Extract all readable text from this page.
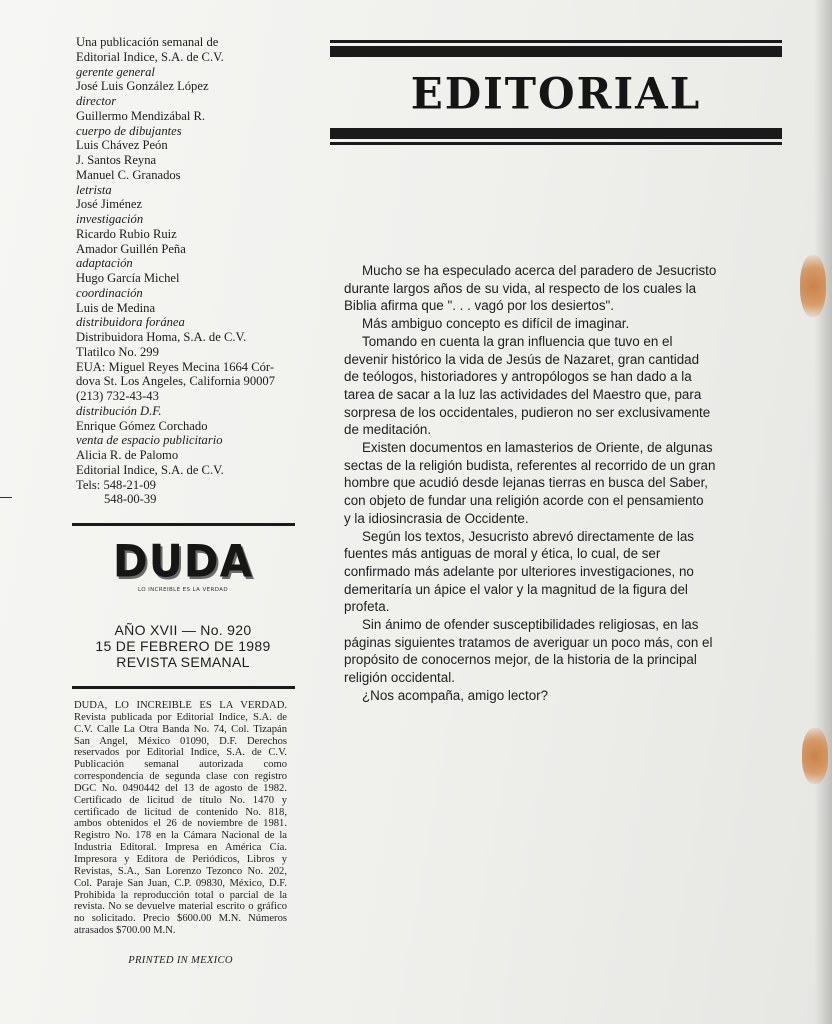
Una publicación semanal de
Editorial Indice, S.A. de C.V.
gerente general
José Luis González López
director
Guillermo Mendizábal R.
cuerpo de dibujantes
Luis Chávez Peón
J. Santos Reyna
Manuel C. Granados
letrista
José Jiménez
investigación
Ricardo Rubio Ruiz
Amador Guillén Peña
adaptación
Hugo García Michel
coordinación
Luis de Medina
distribuidora foránea
Distribuidora Homa, S.A. de C.V.
Tlatilco No. 299
EUA: Miguel Reyes Mecina 1664 Cór-
dova St. Los Angeles, California 90007
(213) 732-43-43
distribución D.F.
Enrique Gómez Corchado
venta de espacio publicitario
Alicia R. de Palomo
Editorial Indice, S.A. de C.V.
Tels: 548-21-09
548-00-39
DUDA
LO INCREIBLE ES LA VERDAD
AÑO XVII — No. 920
15 DE FEBRERO DE 1989
REVISTA SEMANAL
DUDA, LO INCREIBLE ES LA VERDAD. Revista publicada por Editorial Indice, S.A. de C.V. Calle La Otra Banda No. 74, Col. Tizapán San Angel, México 01090, D.F. Derechos reservados por Editorial Indice, S.A. de C.V. Publicación semanal autorizada como correspondencia de segunda clase con registro DGC No. 0490442 del 13 de agosto de 1982. Certificado de licitud de título No. 1470 y certificado de licitud de contenido No. 818, ambos obtenidos el 26 de noviembre de 1981. Registro No. 178 en la Cámara Nacional de la Industria Editoral. Impresa en América Cía. Impresora y Editora de Periódicos, Libros y Revistas, S.A., San Lorenzo Tezonco No. 202, Col. Paraje San Juan, C.P. 09830, México, D.F. Prohibida la reproducción total o parcial de la revista. No se devuelve material escrito o gráfico no solicitado. Precio $600.00 M.N. Números atrasados $700.00 M.N.
PRINTED IN MEXICO
EDITORIAL
Mucho se ha especulado acerca del paradero de Jesucristo
durante largos años de su vida, al respecto de los cuales la
Biblia afirma que ". . . vagó por los desiertos".
Más ambiguo concepto es difícil de imaginar.
Tomando en cuenta la gran influencia que tuvo en el
devenir histórico la vida de Jesús de Nazaret, gran cantidad
de teólogos, historiadores y antropólogos se han dado a la
tarea de sacar a la luz las actividades del Maestro que, para
sorpresa de los occidentales, pudieron no ser exclusivamente
de meditación.
Existen documentos en lamasterios de Oriente, de algunas
sectas de la religión budista, referentes al recorrido de un gran
hombre que acudió desde lejanas tierras en busca del Saber,
con objeto de fundar una religión acorde con el pensamiento
y la idiosincrasia de Occidente.
Según los textos, Jesucristo abrevó directamente de las
fuentes más antiguas de moral y ética, lo cual, de ser
confirmado más adelante por ulteriores investigaciones, no
demeritaría un ápice el valor y la magnitud de la figura del
profeta.
Sin ánimo de ofender susceptibilidades religiosas, en las
páginas siguientes tratamos de averiguar un poco más, con el
propósito de conocernos mejor, de la historia de la principal
religión occidental.
¿Nos acompaña, amigo lector?
